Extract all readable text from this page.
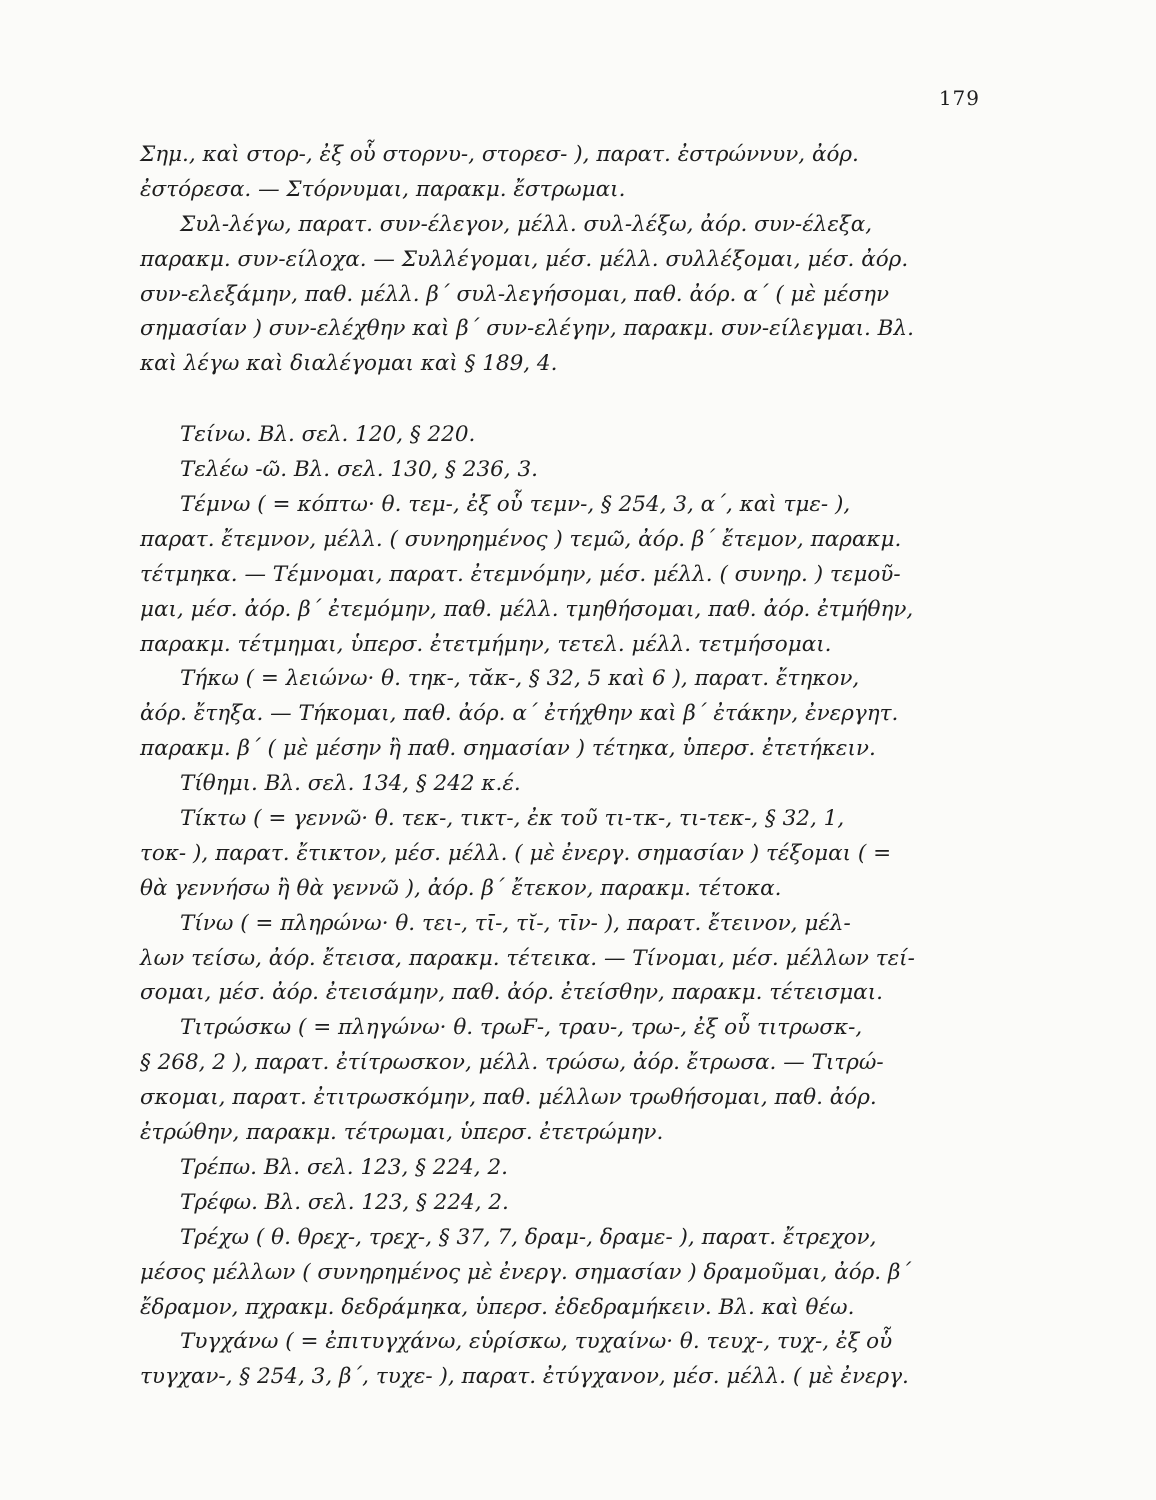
179
Σημ., καὶ στορ-, ἐξ οὗ στορνυ-, στορεσ- ), παρατ. ἐστρώννυν, ἀόρ.
ἐστόρεσα. — Στόρνυμαι, παρακμ. ἔστρωμαι.
Συλ-λέγω, παρατ. συν-έλεγον, μέλλ. συλ-λέξω, ἀόρ. συν-έλεξα,
παρακμ. συν-είλοχα. — Συλλέγομαι, μέσ. μέλλ. συλλέξομαι, μέσ. ἀόρ.
συν-ελεξάμην, παθ. μέλλ. β΄ συλ-λεγήσομαι, παθ. ἀόρ. α΄ ( μὲ μέσην
σημασίαν ) συν-ελέχθην καὶ β΄ συν-ελέγην, παρακμ. συν-είλεγμαι. Βλ.
καὶ λέγω καὶ διαλέγομαι καὶ § 189, 4.
Τείνω. Βλ. σελ. 120, § 220.
Τελέω -ῶ. Βλ. σελ. 130, § 236, 3.
Τέμνω ( = κόπτω· θ. τεμ-, ἐξ οὗ τεμν-, § 254, 3, α΄, καὶ τμε- ),
παρατ. ἔτεμνον, μέλλ. ( συνηρημένος ) τεμῶ, ἀόρ. β΄ ἔτεμον, παρακμ.
τέτμηκα. — Τέμνομαι, παρατ. ἐτεμνόμην, μέσ. μέλλ. ( συνηρ. ) τεμοῦ-
μαι, μέσ. ἀόρ. β΄ ἐτεμόμην, παθ. μέλλ. τμηθήσομαι, παθ. ἀόρ. ἐτμήθην,
παρακμ. τέτμημαι, ὑπερσ. ἐτετμήμην, τετελ. μέλλ. τετμήσομαι.
Τήκω ( = λειώνω· θ. τηκ-, τᾰκ-, § 32, 5 καὶ 6 ), παρατ. ἔτηκον,
ἀόρ. ἔτηξα. — Τήκομαι, παθ. ἀόρ. α΄ ἐτήχθην καὶ β΄ ἐτάκην, ἐνεργητ.
παρακμ. β΄ ( μὲ μέσην ἢ παθ. σημασίαν ) τέτηκα, ὑπερσ. ἐτετήκειν.
Τίθημι. Βλ. σελ. 134, § 242 κ.έ.
Τίκτω ( = γεννῶ· θ. τεκ-, τικτ-, ἐκ τοῦ τι-τκ-, τι-τεκ-, § 32, 1,
τοκ- ), παρατ. ἔτικτον, μέσ. μέλλ. ( μὲ ἐνεργ. σημασίαν ) τέξομαι ( =
θὰ γεννήσω ἢ θὰ γεννῶ ), ἀόρ. β΄ ἔτεκον, παρακμ. τέτοκα.
Τίνω ( = πληρώνω· θ. τει-, τῑ-, τῐ-, τῑν- ), παρατ. ἔτεινον, μέλ-
λων τείσω, ἀόρ. ἔτεισα, παρακμ. τέτεικα. — Τίνομαι, μέσ. μέλλων τεί-
σομαι, μέσ. ἀόρ. ἐτεισάμην, παθ. ἀόρ. ἐτείσθην, παρακμ. τέτεισμαι.
Τιτρώσκω ( = πληγώνω· θ. τρωϜ-, τραυ-, τρω-, ἐξ οὗ τιτρωσκ-,
§ 268, 2 ), παρατ. ἐτίτρωσκον, μέλλ. τρώσω, ἀόρ. ἔτρωσα. — Τιτρώ-
σκομαι, παρατ. ἐτιτρωσκόμην, παθ. μέλλων τρωθήσομαι, παθ. ἀόρ.
ἐτρώθην, παρακμ. τέτρωμαι, ὑπερσ. ἐτετρώμην.
Τρέπω. Βλ. σελ. 123, § 224, 2.
Τρέφω. Βλ. σελ. 123, § 224, 2.
Τρέχω ( θ. θρεχ-, τρεχ-, § 37, 7, δραμ-, δραμε- ), παρατ. ἔτρεχον,
μέσος μέλλων ( συνηρημένος μὲ ἐνεργ. σημασίαν ) δραμοῦμαι, ἀόρ. β΄
ἔδραμον, πχρακμ. δεδράμηκα, ὑπερσ. ἐδεδραμήκειν. Βλ. καὶ θέω.
Τυγχάνω ( = ἐπιτυγχάνω, εὑρίσκω, τυχαίνω· θ. τευχ-, τυχ-, ἐξ οὗ
τυγχαν-, § 254, 3, β΄, τυχε- ), παρατ. ἐτύγχανον, μέσ. μέλλ. ( μὲ ἐνεργ.
